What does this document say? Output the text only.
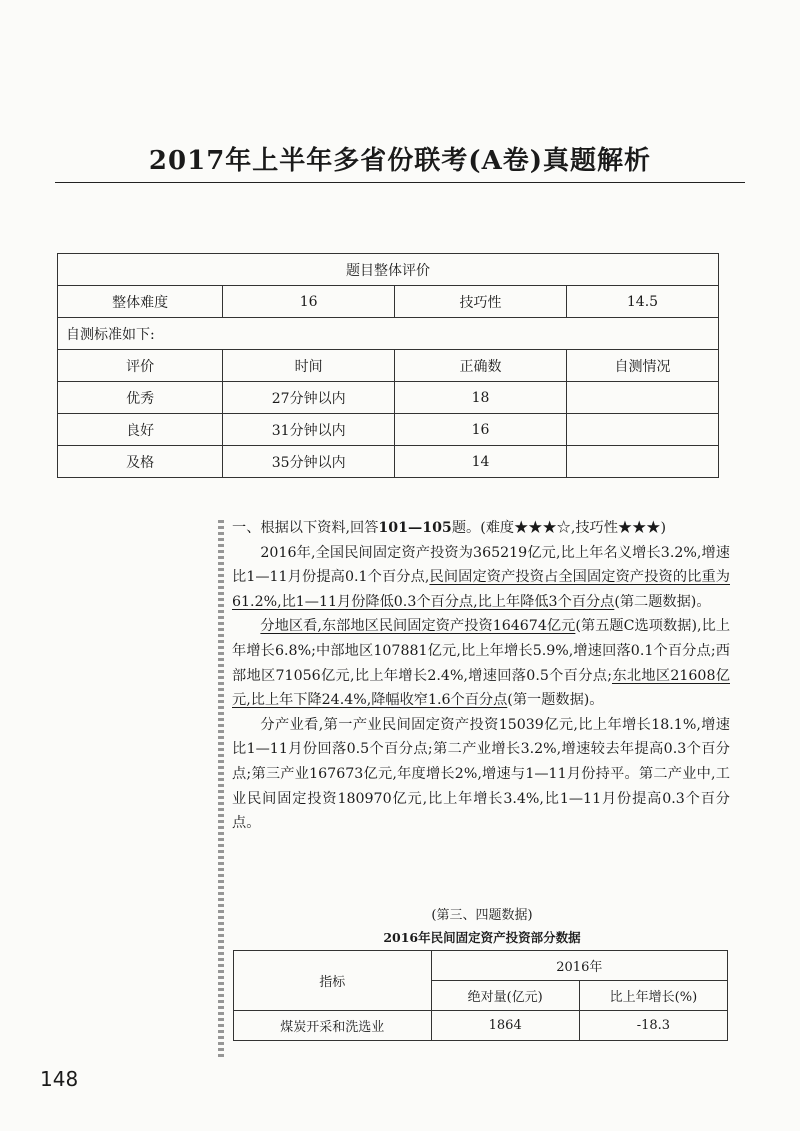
2017年上半年多省份联考(A卷)真题解析
题目整体评价			
整体难度	16	技巧性	14.5
自测标准如下:			
评价	时间	正确数	自测情况
优秀	27分钟以内	18	
良好	31分钟以内	16	
及格	35分钟以内	14	

一、根据以下资料,回答101—105题。(难度★★★☆,技巧性★★★)

2016年,全国民间固定资产投资为365219亿元,比上年名义增长3.2%,增速比1—11月份提高0.1个百分点,民间固定资产投资占全国固定资产投资的比重为61.2%,比1—11月份降低0.3个百分点,比上年降低3个百分点(第二题数据)。

分地区看,东部地区民间固定资产投资164674亿元(第五题C选项数据),比上年增长6.8%;中部地区107881亿元,比上年增长5.9%,增速回落0.1个百分点;西部地区71056亿元,比上年增长2.4%,增速回落0.5个百分点;东北地区21608亿元,比上年下降24.4%,降幅收窄1.6个百分点(第一题数据)。

分产业看,第一产业民间固定资产投资15039亿元,比上年增长18.1%,增速比1—11月份回落0.5个百分点;第二产业增长3.2%,增速较去年提高0.3个百分点;第三产业167673亿元,年度增长2%,增速与1—11月份持平。第二产业中,工业民间固定投资180970亿元,比上年增长3.4%,比1—11月份提高0.3个百分点。

(第三、四题数据)
2016年民间固定资产投资部分数据
指标	2016年	
	绝对量(亿元)	比上年增长(%)
煤炭开采和洗选业	1864	-18.3
148
